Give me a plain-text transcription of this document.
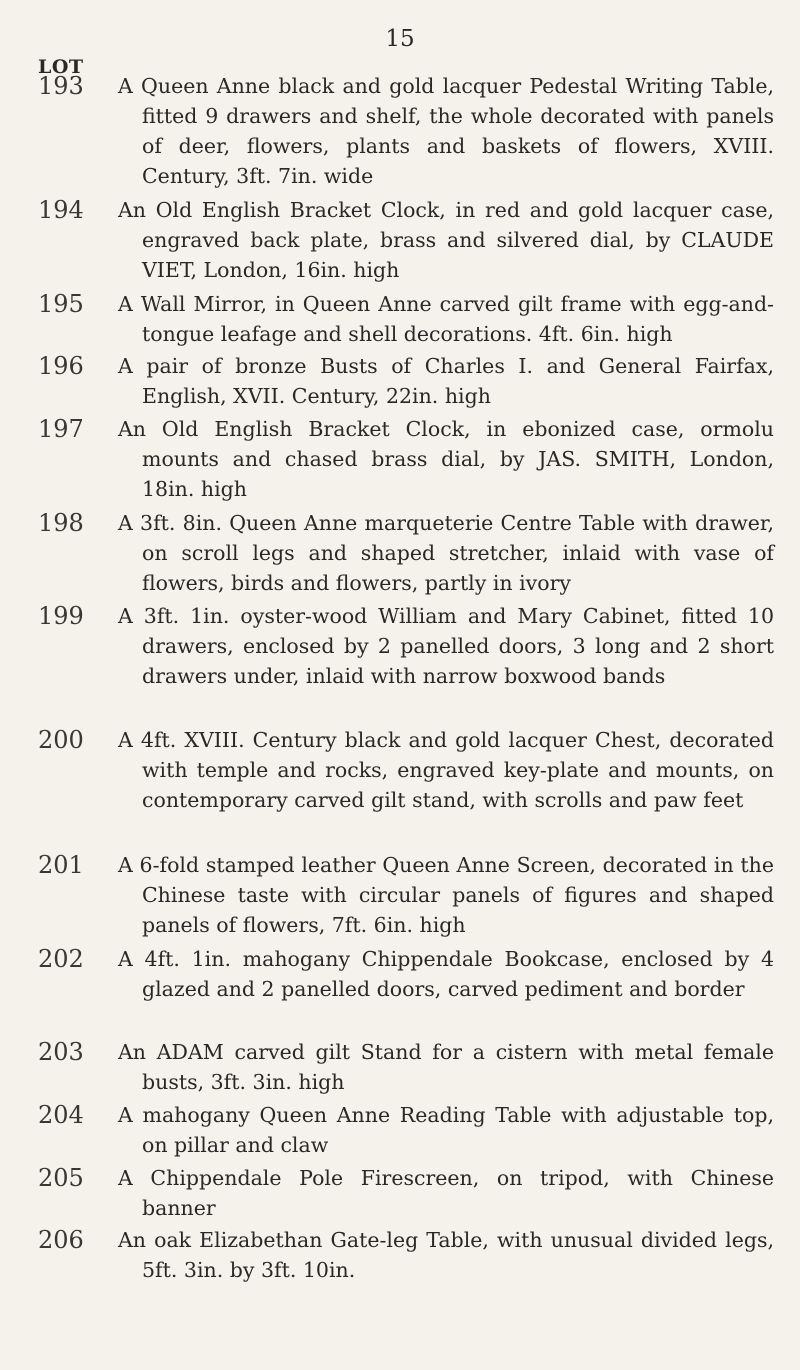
15
LOT
193 A Queen Anne black and gold lacquer Pedestal Writing Table, fitted 9 drawers and shelf, the whole decorated with panels of deer, flowers, plants and baskets of flowers, XVIII. Century, 3ft. 7in. wide
194 An Old English Bracket Clock, in red and gold lacquer case, engraved back plate, brass and silvered dial, by CLAUDE VIET, London, 16in. high
195 A Wall Mirror, in Queen Anne carved gilt frame with egg-and-tongue leafage and shell decorations. 4ft. 6in. high
196 A pair of bronze Busts of Charles I. and General Fairfax, English, XVII. Century, 22in. high
197 An Old English Bracket Clock, in ebonized case, ormolu mounts and chased brass dial, by JAS. SMITH, London, 18in. high
198 A 3ft. 8in. Queen Anne marqueterie Centre Table with drawer, on scroll legs and shaped stretcher, inlaid with vase of flowers, birds and flowers, partly in ivory
199 A 3ft. 1in. oyster-wood William and Mary Cabinet, fitted 10 drawers, enclosed by 2 panelled doors, 3 long and 2 short drawers under, inlaid with narrow boxwood bands
200 A 4ft. XVIII. Century black and gold lacquer Chest, decorated with temple and rocks, engraved key-plate and mounts, on contemporary carved gilt stand, with scrolls and paw feet
201 A 6-fold stamped leather Queen Anne Screen, decorated in the Chinese taste with circular panels of figures and shaped panels of flowers, 7ft. 6in. high
202 A 4ft. 1in. mahogany Chippendale Bookcase, enclosed by 4 glazed and 2 panelled doors, carved pediment and border
203 An ADAM carved gilt Stand for a cistern with metal female busts, 3ft. 3in. high
204 A mahogany Queen Anne Reading Table with adjustable top, on pillar and claw
205 A Chippendale Pole Firescreen, on tripod, with Chinese banner
206 An oak Elizabethan Gate-leg Table, with unusual divided legs, 5ft. 3in. by 3ft. 10in.
